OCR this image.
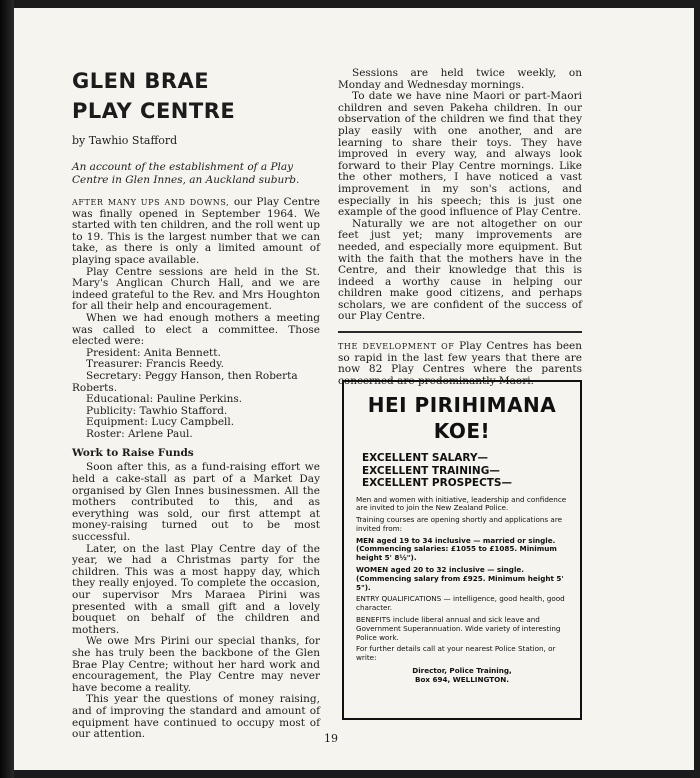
GLEN BRAE
PLAY CENTRE
by Tawhio Stafford
An account of the establishment of a Play Centre in Glen Innes, an Auckland suburb.

AFTER MANY UPS AND DOWNS, our Play Centre was finally opened in September 1964. We started with ten children, and the roll went up to 19. This is the largest number that we can take, as there is only a limited amount of playing space available.

Play Centre sessions are held in the St. Mary's Anglican Church Hall, and we are indeed grateful to the Rev. and Mrs Houghton for all their help and encouragement.

When we had enough mothers a meeting was called to elect a committee. Those elected were:

President: Anita Bennett.
Treasurer: Francis Reedy.
Secretary: Peggy Hanson, then Roberta Roberts.
Educational: Pauline Perkins.
Publicity: Tawhio Stafford.
Equipment: Lucy Campbell.
Roster: Arlene Paul.
Work to Raise Funds

Soon after this, as a fund-raising effort we held a cake-stall as part of a Market Day organised by Glen Innes businessmen. All the mothers contributed to this, and as everything was sold, our first attempt at money-raising turned out to be most successful.

Later, on the last Play Centre day of the year, we had a Christmas party for the children. This was a most happy day, which they really enjoyed. To complete the occasion, our supervisor Mrs Maraea Pirini was presented with a small gift and a lovely bouquet on behalf of the children and mothers.

We owe Mrs Pirini our special thanks, for she has truly been the backbone of the Glen Brae Play Centre; without her hard work and encouragement, the Play Centre may never have become a reality.

This year the questions of money raising, and of improving the standard and amount of equipment have continued to occupy most of our attention.

Sessions are held twice weekly, on Monday and Wednesday mornings.

To date we have nine Maori or part-Maori children and seven Pakeha children. In our observation of the children we find that they play easily with one another, and are learning to share their toys. They have improved in every way, and always look forward to their Play Centre mornings. Like the other mothers, I have noticed a vast improvement in my son's actions, and especially in his speech; this is just one example of the good influence of Play Centre.

Naturally we are not altogether on our feet just yet; many improvements are needed, and especially more equipment. But with the faith that the mothers have in the Centre, and their knowledge that this is indeed a worthy cause in helping our children make good citizens, and perhaps scholars, we are confident of the success of our Play Centre.

THE DEVELOPMENT OF Play Centres has been so rapid in the last few years that there are now 82 Play Centres where the parents concerned are predominantly Maori.

HEI PIRIHIMANA
KOE!
EXCELLENT SALARY—
EXCELLENT TRAINING—
EXCELLENT PROSPECTS—
Men and women with initiative, leadership and confidence are invited to join the New Zealand Police.
Training courses are opening shortly and applications are invited from:
MEN aged 19 to 34 inclusive — married or single. (Commencing salaries: £1055 to £1085. Minimum height 5' 8½").
WOMEN aged 20 to 32 inclusive — single. (Commencing salary from £925. Minimum height 5' 5").
ENTRY QUALIFICATIONS — intelligence, good health, good character.
BENEFITS include liberal annual and sick leave and Government Superannuation. Wide variety of interesting Police work.
For further details call at your nearest Police Station, or write:
Director, Police Training,
Box 694, WELLINGTON.
19
